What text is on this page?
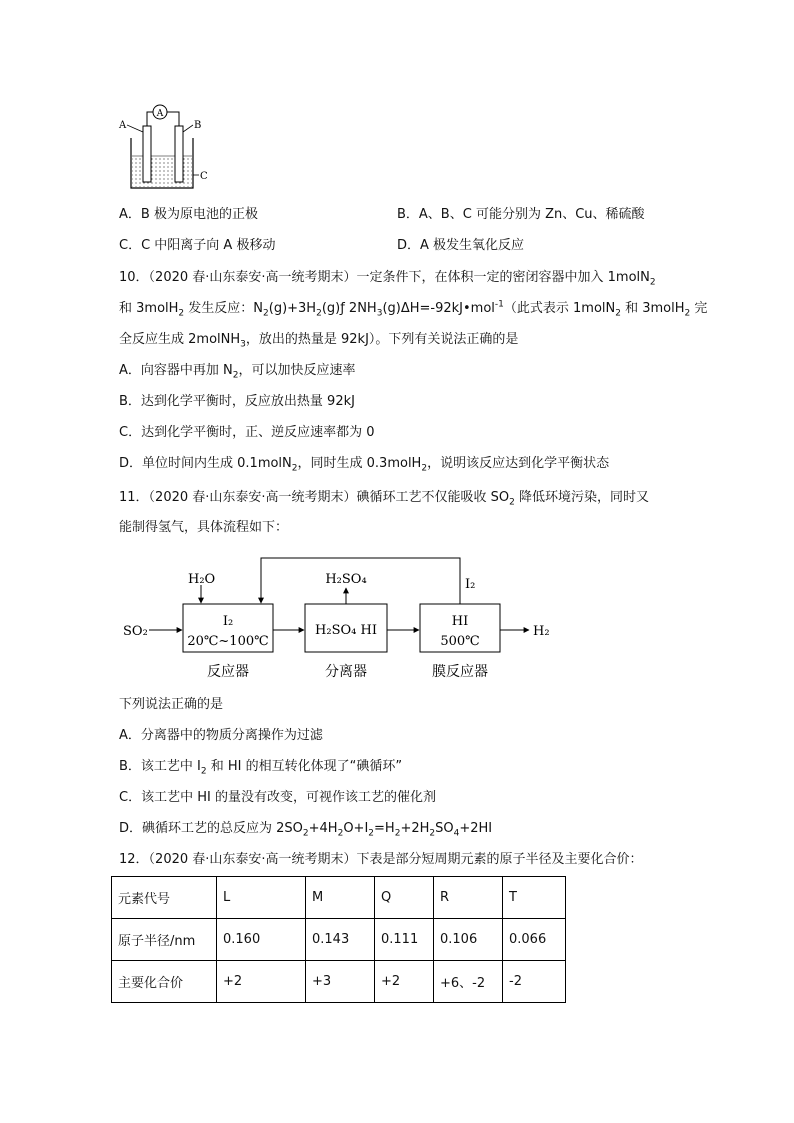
A
A	B
C
A．B 极为原电池的正极	B．A、B、C 可能分别为 Zn、Cu、稀硫酸
C．C 中阳离子向 A 极移动	D．A 极发生氧化反应
10．（2020 春·山东泰安·高一统考期末）一定条件下，在体积一定的密闭容器中加入 1molN$_2$
和 3molH$_2$ 发生反应：$N_2(g)+3H_2(g)ƒ$ $2NH_3(g)\Delta H=-92kJ•mol^{-1}$（此式表示 1molN$_2$ 和 3molH$_2$ 完
全反应生成 2molNH$_3$，放出的热量是 92kJ）。下列有关说法正确的是
A．向容器中再加 $N_2$，可以加快反应速率
B．达到化学平衡时，反应放出热量 92kJ
C．达到化学平衡时，正、逆反应速率都为 0
D．单位时间内生成 0.1molN$_2$，同时生成 0.3molH$_2$，说明该反应达到化学平衡状态
11．（2020 春·山东泰安·高一统考期末）碘循环工艺不仅能吸收 $SO_2$ 降低环境污染，同时又
能制得氢气，具体流程如下：
SO₂
H₂O
I₂
20℃~100℃
H₂SO₄
H₂SO₄ HI
HI
500℃
I₂
H₂
反应器	分离器	膜反应器
下列说法正确的是
A．分离器中的物质分离操作为过滤
B．该工艺中 $I_2$ 和 HI 的相互转化体现了“碘循环”
C．该工艺中 HI 的量没有改变，可视作该工艺的催化剂
D．碘循环工艺的总反应为 $2SO_2+4H_2O+I_2=H_2+2H_2SO_4+2HI$
12．（2020 春·山东泰安·高一统考期末）下表是部分短周期元素的原子半径及主要化合价：
元素代号	L	M	Q	R	T
原子半径/nm	0.160	0.143	0.111	0.106	0.066
主要化合价	+2	+3	+2	+6、-2	-2
